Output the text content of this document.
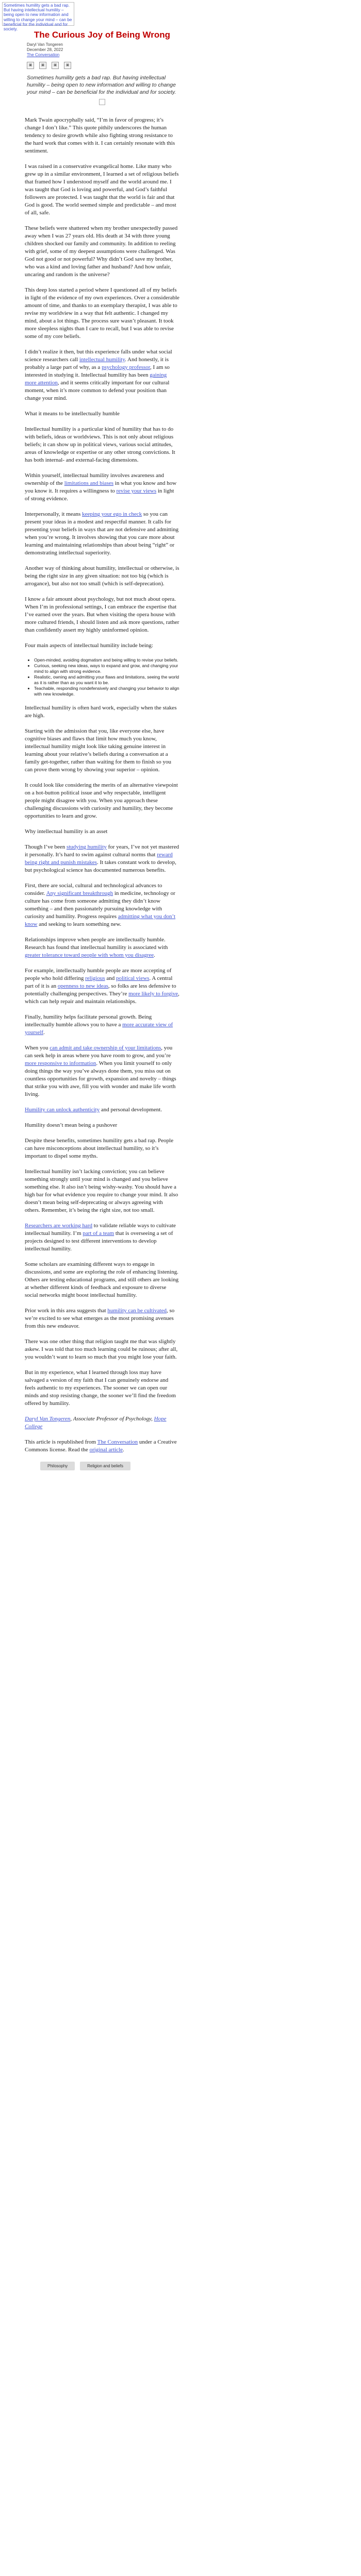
Sometimes humility gets a bad rap. But having intellectual humility – being open to new information and willing to change your mind – can be beneficial for the individual and for society.
The Curious Joy of Being Wrong
Daryl Van Tongeren
December 28, 2022
The Conversation
▣	▣	▣	▣
Sometimes humility gets a bad rap. But having intellectual humility – being open to new information and willing to change your mind – can be beneficial for the individual and for society.

Mark Twain apocryphally said, “I’m in favor of progress; it’s change I don’t like.” This quote pithily underscores the human tendency to desire growth while also fighting strong resistance to the hard work that comes with it. I can certainly resonate with this sentiment.

I was raised in a conservative evangelical home. Like many who grew up in a similar environment, I learned a set of religious beliefs that framed how I understood myself and the world around me. I was taught that God is loving and powerful, and God’s faithful followers are protected. I was taught that the world is fair and that God is good. The world seemed simple and predictable – and most of all, safe.

These beliefs were shattered when my brother unexpectedly passed away when I was 27 years old. His death at 34 with three young children shocked our family and community. In addition to reeling with grief, some of my deepest assumptions were challenged. Was God not good or not powerful? Why didn’t God save my brother, who was a kind and loving father and husband? And how unfair, uncaring and random is the universe?

This deep loss started a period where I questioned all of my beliefs in light of the evidence of my own experiences. Over a considerable amount of time, and thanks to an exemplary therapist, I was able to revise my worldview in a way that felt authentic. I changed my mind, about a lot things. The process sure wasn’t pleasant. It took more sleepless nights than I care to recall, but I was able to revise some of my core beliefs.

I didn’t realize it then, but this experience falls under what social science researchers call intellectual humility. And honestly, it is probably a large part of why, as a psychology professor, I am so interested in studying it. Intellectual humility has been gaining more attention, and it seems critically important for our cultural moment, when it’s more common to defend your position than change your mind.

What it means to be intellectually humble

Intellectual humility is a particular kind of humility that has to do with beliefs, ideas or worldviews. This is not only about religious beliefs; it can show up in political views, various social attitudes, areas of knowledge or expertise or any other strong convictions. It has both internal- and external-facing dimensions.

Within yourself, intellectual humility involves awareness and ownership of the limitations and biases in what you know and how you know it. It requires a willingness to revise your views in light of strong evidence.

Interpersonally, it means keeping your ego in check so you can present your ideas in a modest and respectful manner. It calls for presenting your beliefs in ways that are not defensive and admitting when you’re wrong. It involves showing that you care more about learning and maintaining relationships than about being “right” or demonstrating intellectual superiority.

Another way of thinking about humility, intellectual or otherwise, is being the right size in any given situation: not too big (which is arrogance), but also not too small (which is self-deprecation).

I know a fair amount about psychology, but not much about opera. When I’m in professional settings, I can embrace the expertise that I’ve earned over the years. But when visiting the opera house with more cultured friends, I should listen and ask more questions, rather than confidently assert my highly uninformed opinion.

Four main aspects of intellectual humility include being:

• Open-minded, avoiding dogmatism and being willing to revise your beliefs.
• Curious, seeking new ideas, ways to expand and grow, and changing your mind to align with strong evidence.
• Realistic, owning and admitting your flaws and limitations, seeing the world as it is rather than as you want it to be.
• Teachable, responding nondefensively and changing your behavior to align with new knowledge.

Intellectual humility is often hard work, especially when the stakes are high.

Starting with the admission that you, like everyone else, have cognitive biases and flaws that limit how much you know, intellectual humility might look like taking genuine interest in learning about your relative’s beliefs during a conversation at a family get-together, rather than waiting for them to finish so you can prove them wrong by showing your superior – opinion.

It could look like considering the merits of an alternative viewpoint on a hot-button political issue and why respectable, intelligent people might disagree with you. When you approach these challenging discussions with curiosity and humility, they become opportunities to learn and grow.

Why intellectual humility is an asset

Though I’ve been studying humility for years, I’ve not yet mastered it personally. It’s hard to swim against cultural norms that reward being right and punish mistakes. It takes constant work to develop, but psychological science has documented numerous benefits.

First, there are social, cultural and technological advances to consider. Any significant breakthrough in medicine, technology or culture has come from someone admitting they didn’t know something – and then passionately pursuing knowledge with curiosity and humility. Progress requires admitting what you don’t know and seeking to learn something new.

Relationships improve when people are intellectually humble. Research has found that intellectual humility is associated with greater tolerance toward people with whom you disagree.

For example, intellectually humble people are more accepting of people who hold differing religious and political views. A central part of it is an openness to new ideas, so folks are less defensive to potentially challenging perspectives. They’re more likely to forgive, which can help repair and maintain relationships.

Finally, humility helps facilitate personal growth. Being intellectually humble allows you to have a more accurate view of yourself.

When you can admit and take ownership of your limitations, you can seek help in areas where you have room to grow, and you’re more responsive to information. When you limit yourself to only doing things the way you’ve always done them, you miss out on countless opportunities for growth, expansion and novelty – things that strike you with awe, fill you with wonder and make life worth living.

Humility can unlock authenticity and personal development.

Humility doesn’t mean being a pushover

Despite these benefits, sometimes humility gets a bad rap. People can have misconceptions about intellectual humility, so it’s important to dispel some myths.

Intellectual humility isn’t lacking conviction; you can believe something strongly until your mind is changed and you believe something else. It also isn’t being wishy-washy. You should have a high bar for what evidence you require to change your mind. It also doesn’t mean being self-deprecating or always agreeing with others. Remember, it’s being the right size, not too small.

Researchers are working hard to validate reliable ways to cultivate intellectual humility. I’m part of a team that is overseeing a set of projects designed to test different interventions to develop intellectual humility.

Some scholars are examining different ways to engage in discussions, and some are exploring the role of enhancing listening. Others are testing educational programs, and still others are looking at whether different kinds of feedback and exposure to diverse social networks might boost intellectual humility.

Prior work in this area suggests that humility can be cultivated, so we’re excited to see what emerges as the most promising avenues from this new endeavor.

There was one other thing that religion taught me that was slightly askew. I was told that too much learning could be ruinous; after all, you wouldn’t want to learn so much that you might lose your faith.

But in my experience, what I learned through loss may have salvaged a version of my faith that I can genuinely endorse and feels authentic to my experiences. The sooner we can open our minds and stop resisting change, the sooner we’ll find the freedom offered by humility.

Daryl Van Tongeren, Associate Professor of Psychology, Hope College

This article is republished from The Conversation under a Creative Commons license. Read the original article.

Philosophy	Religion and beliefs
